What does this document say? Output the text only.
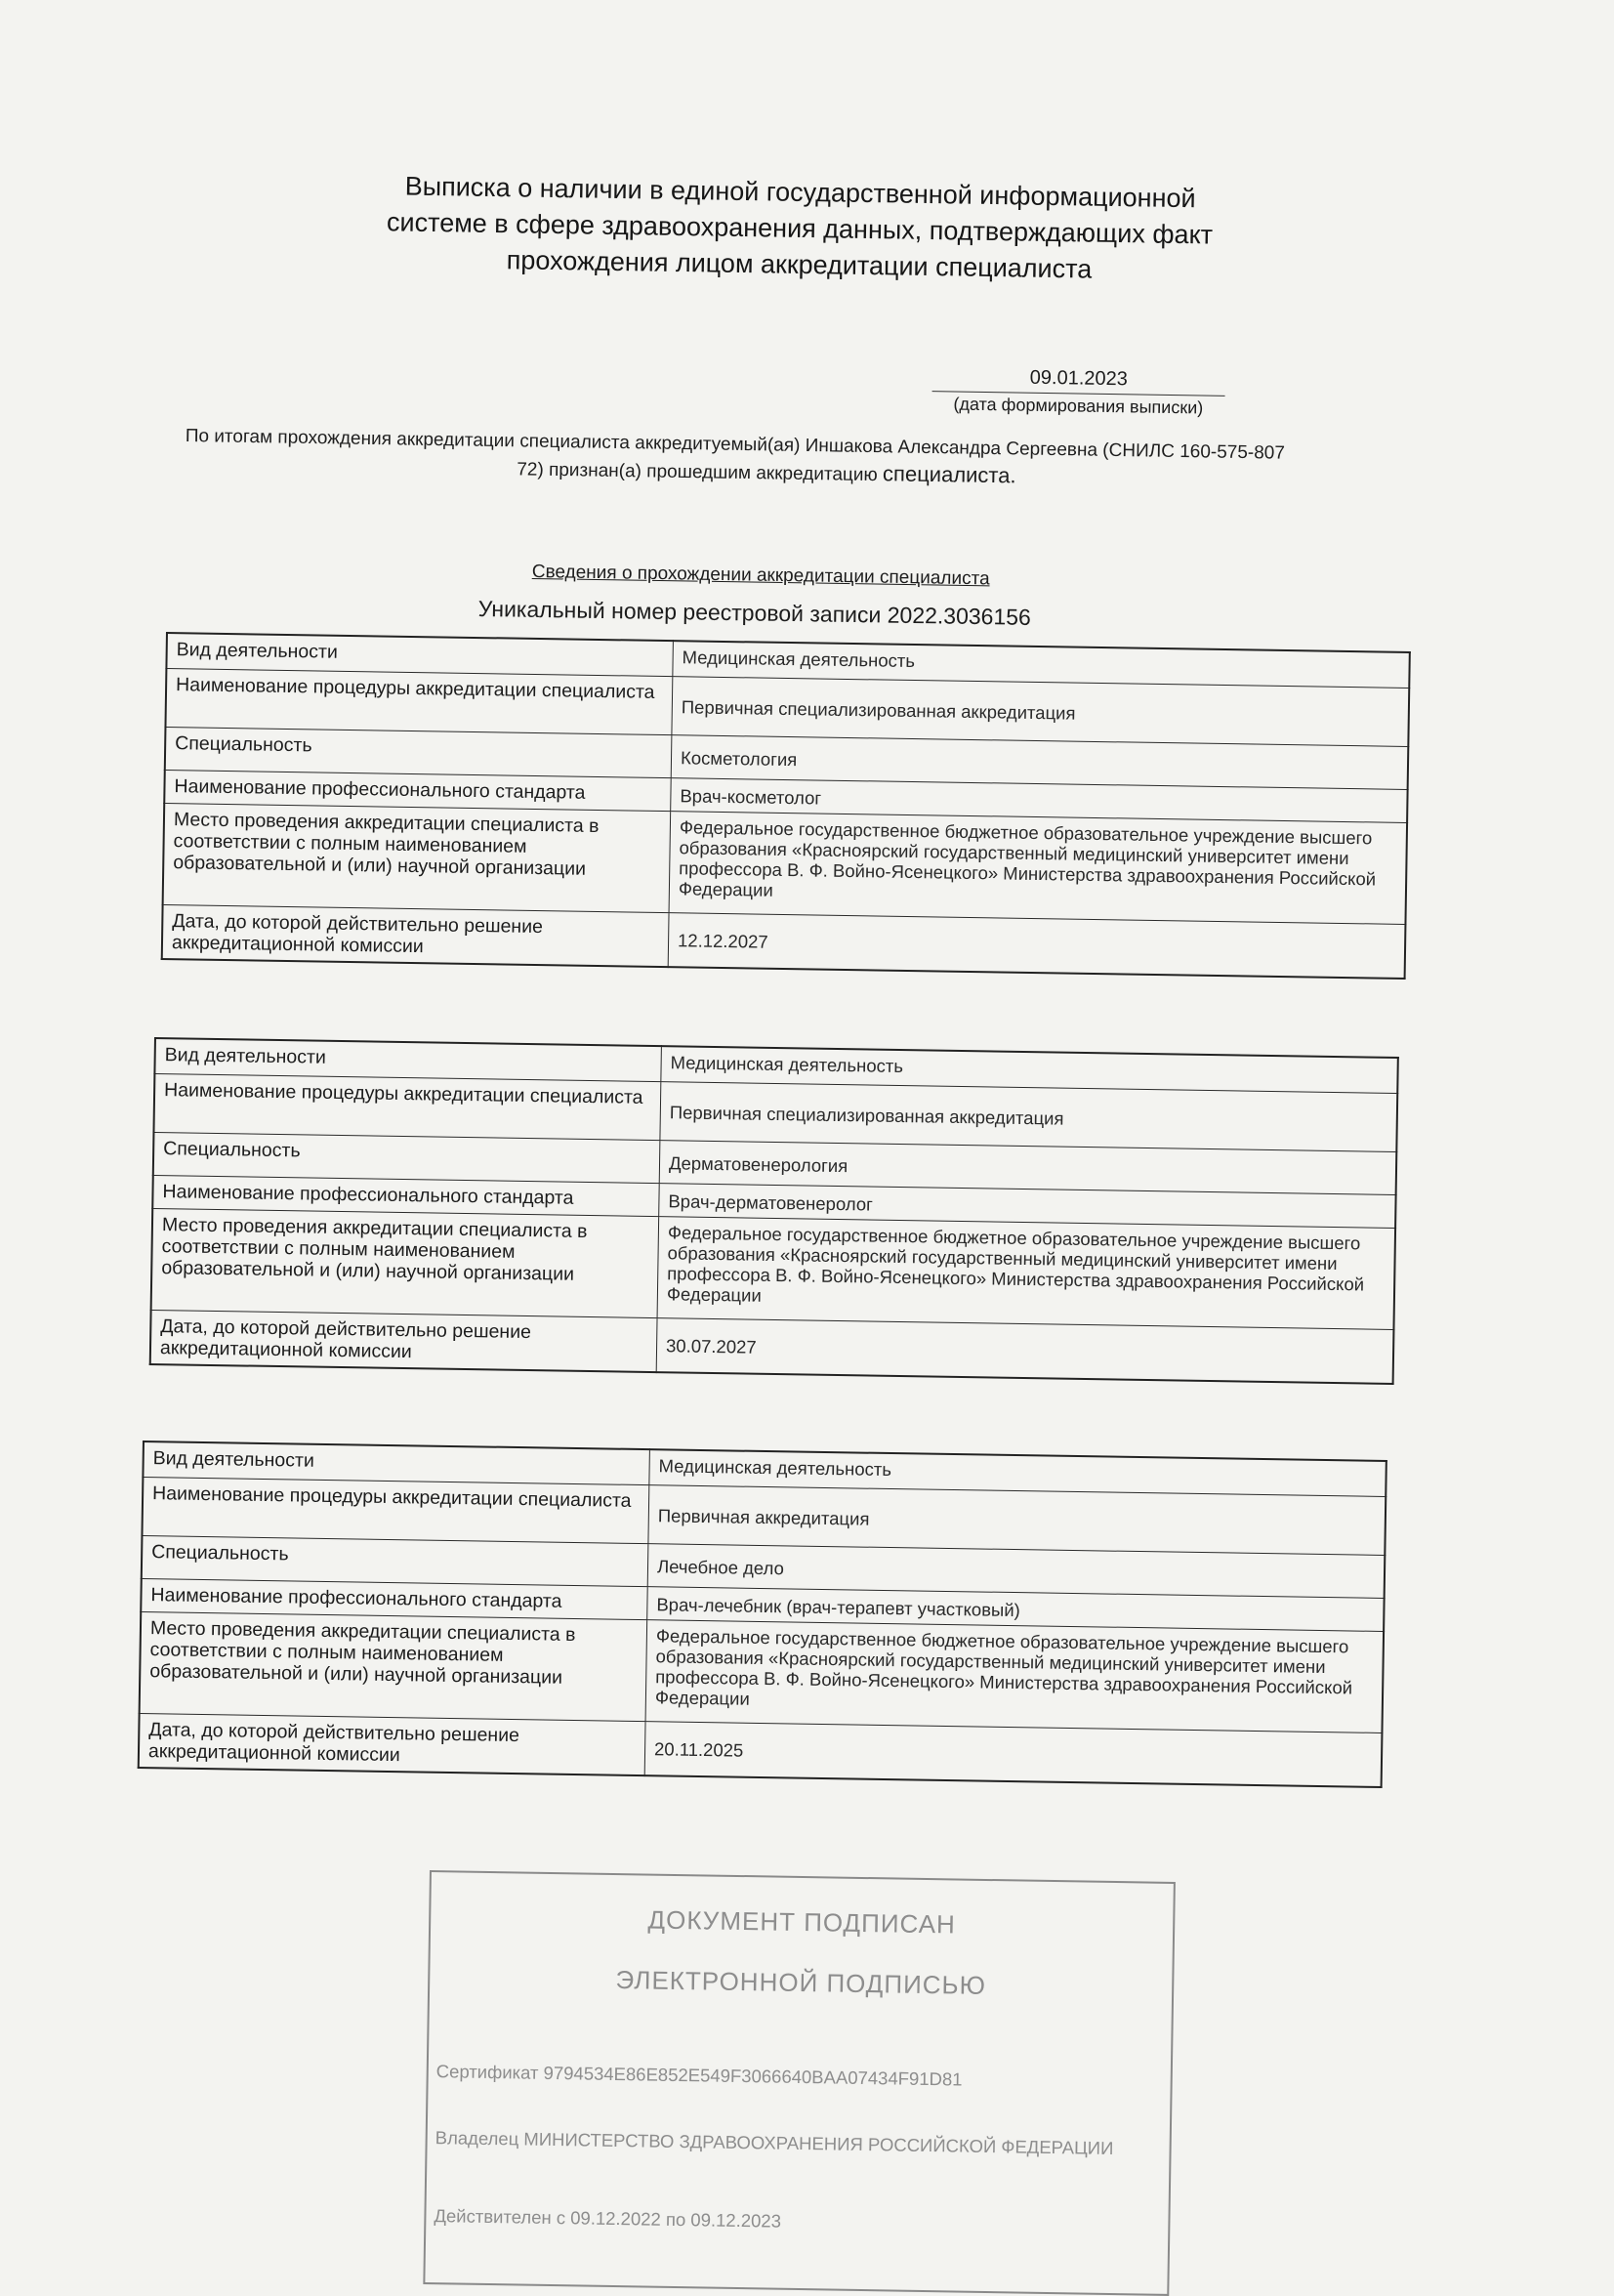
Выписка о наличии в единой государственной информационной
системе в сфере здравоохранения данных, подтверждающих факт
прохождения лицом аккредитации специалиста
09.01.2023
(дата формирования выписки)
По итогам прохождения аккредитации специалиста аккредитуемый(ая) Иншакова Александра Сергеевна (СНИЛС 160-575-807
72) признан(а) прошедшим аккредитацию специалиста.
Сведения о прохождении аккредитации специалиста
Уникальный номер реестровой записи 2022.3036156
Вид деятельности	Медицинская деятельность
Наименование процедуры аккредитации специалиста	Первичная специализированная аккредитация
Специальность	Косметология
Наименование профессионального стандарта	Врач-косметолог
Место проведения аккредитации специалиста в соответствии с полным наименованием образовательной и (или) научной организации	Федеральное государственное бюджетное образовательное учреждение высшего образования «Красноярский государственный медицинский университет имени профессора В. Ф. Войно-Ясенецкого» Министерства здравоохранения Российской Федерации
Дата, до которой действительно решение аккредитационной комиссии	12.12.2027
Вид деятельности	Медицинская деятельность
Наименование процедуры аккредитации специалиста	Первичная специализированная аккредитация
Специальность	Дерматовенерология
Наименование профессионального стандарта	Врач-дерматовенеролог
Место проведения аккредитации специалиста в соответствии с полным наименованием образовательной и (или) научной организации	Федеральное государственное бюджетное образовательное учреждение высшего образования «Красноярский государственный медицинский университет имени профессора В. Ф. Войно-Ясенецкого» Министерства здравоохранения Российской Федерации
Дата, до которой действительно решение аккредитационной комиссии	30.07.2027
Вид деятельности	Медицинская деятельность
Наименование процедуры аккредитации специалиста	Первичная аккредитация
Специальность	Лечебное дело
Наименование профессионального стандарта	Врач-лечебник (врач-терапевт участковый)
Место проведения аккредитации специалиста в соответствии с полным наименованием образовательной и (или) научной организации	Федеральное государственное бюджетное образовательное учреждение высшего образования «Красноярский государственный медицинский университет имени профессора В. Ф. Войно-Ясенецкого» Министерства здравоохранения Российской Федерации
Дата, до которой действительно решение аккредитационной комиссии	20.11.2025
ДОКУМЕНТ ПОДПИСАН
ЭЛЕКТРОННОЙ ПОДПИСЬЮ
Сертификат 9794534E86E852E549F3066640BAA07434F91D81
Владелец МИНИСТЕРСТВО ЗДРАВООХРАНЕНИЯ РОССИЙСКОЙ ФЕДЕРАЦИИ
Действителен с 09.12.2022 по 09.12.2023
